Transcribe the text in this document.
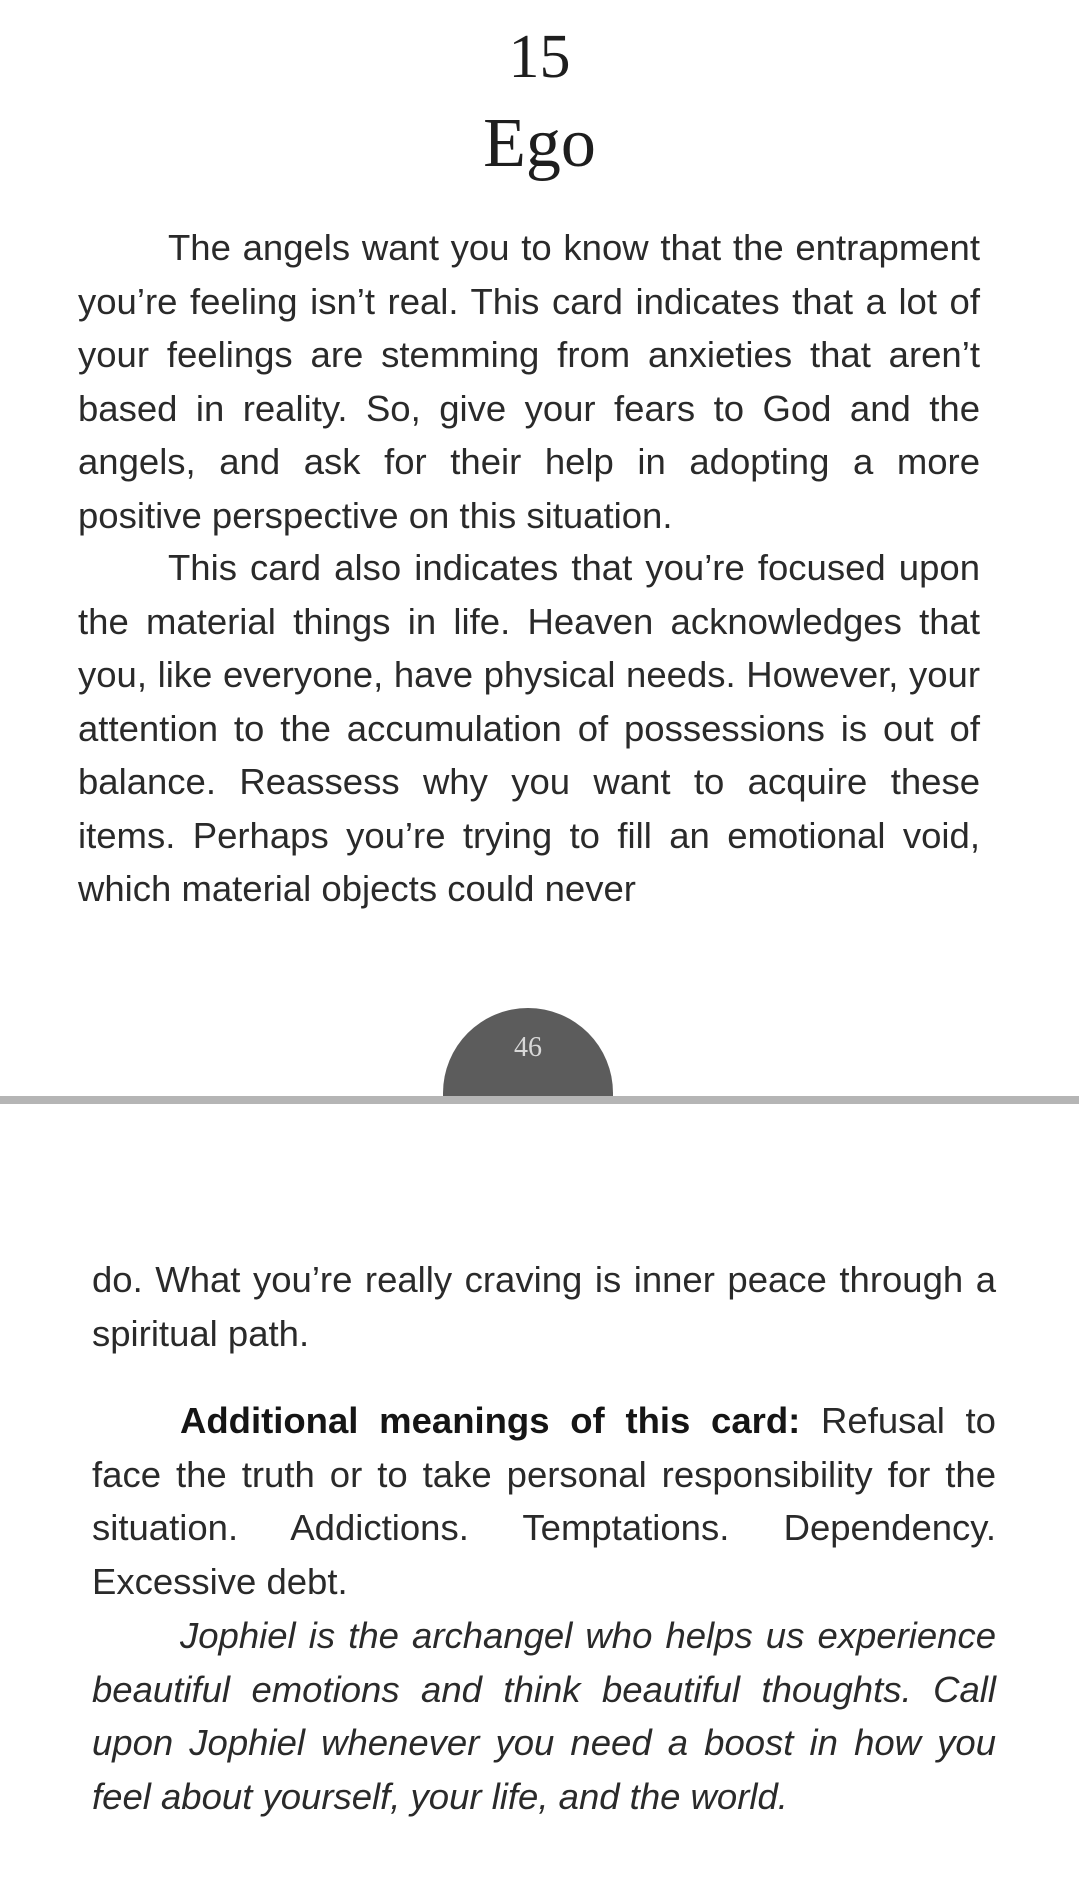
15
Ego

The angels want you to know that the entrapment you’re feeling isn’t real. This card indicates that a lot of your feelings are stemming from anxieties that aren’t based in reality. So, give your fears to God and the angels, and ask for their help in adopting a more positive perspective on this situation.

This card also indicates that you’re focused upon the material things in life. Heaven acknowledges that you, like everyone, have physical needs. However, your attention to the accumulation of possessions is out of balance. Reassess why you want to acquire these items. Perhaps you’re trying to fill an emotional void, which material objects could never

46

do. What you’re really craving is inner peace through a spiritual path.

Additional meanings of this card: Refusal to face the truth or to take personal responsibility for the situation. Addictions. Temptations. Dependency. Excessive debt.

Jophiel is the archangel who helps us experience beautiful emotions and think beautiful thoughts. Call upon Jophiel whenever you need a boost in how you feel about yourself, your life, and the world.
